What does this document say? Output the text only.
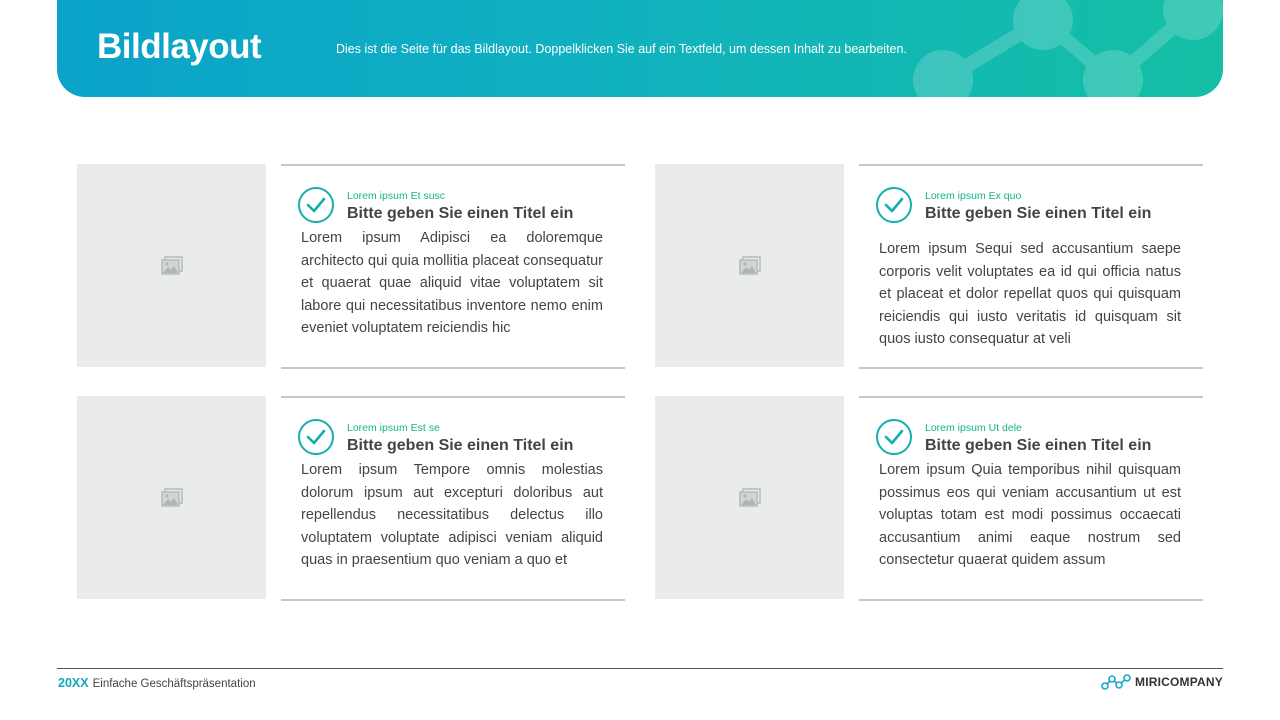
Bildlayout	Dies ist die Seite für das Bildlayout. Doppelklicken Sie auf ein Textfeld, um dessen Inhalt zu bearbeiten.
Lorem ipsum Et susc
Bitte geben Sie einen Titel ein

Lorem ipsum Adipisci ea doloremque architecto qui quia mollitia placeat consequatur et quaerat quae aliquid vitae voluptatem sit labore qui necessitatibus inventore nemo enim eveniet voluptatem reiciendis hic

Lorem ipsum Ex quo
Bitte geben Sie einen Titel ein

Lorem ipsum Sequi sed accusantium saepe corporis velit voluptates ea id qui officia natus et placeat et dolor repellat quos qui quisquam reiciendis qui iusto veritatis id quisquam sit quos iusto consequatur at veli

Lorem ipsum Est se
Bitte geben Sie einen Titel ein

Lorem ipsum Tempore omnis molestias dolorum ipsum aut excepturi doloribus aut repellendus necessitatibus delectus illo voluptatem voluptate adipisci veniam aliquid quas in praesentium quo veniam a quo et

Lorem ipsum Ut dele
Bitte geben Sie einen Titel ein

Lorem ipsum Quia temporibus nihil quisquam possimus eos qui veniam accusantium ut est voluptas totam est modi possimus occaecati accusantium animi eaque nostrum sed consectetur quaerat quidem assum

20XX Einfache Geschäftspräsentation	MIRICOMPANY
